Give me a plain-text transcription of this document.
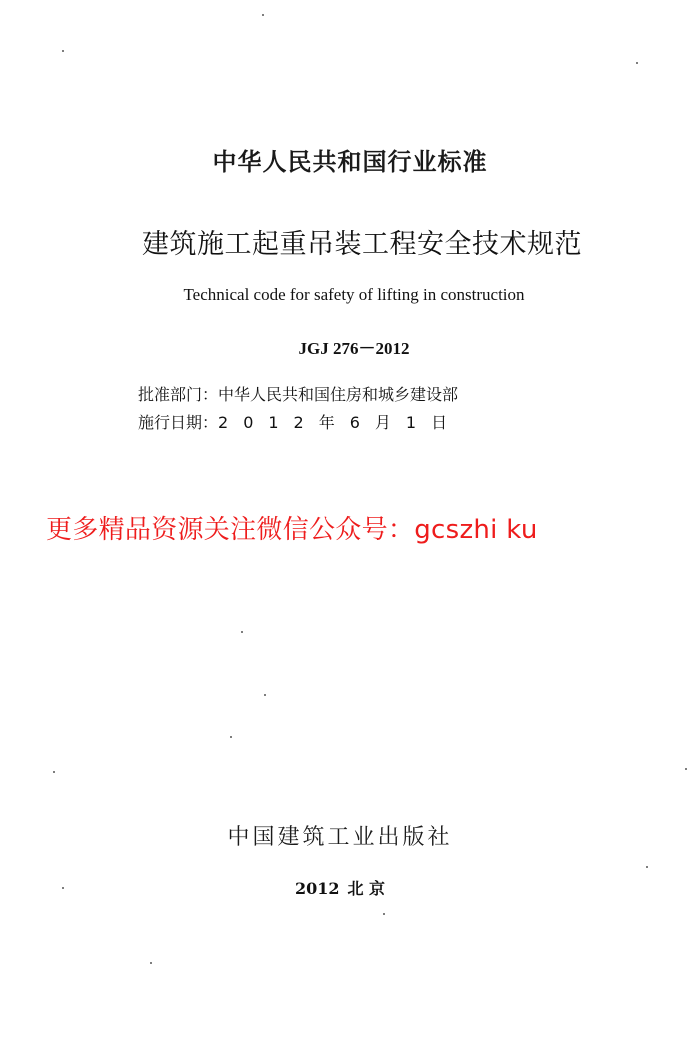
中华人民共和国行业标准
建筑施工起重吊装工程安全技术规范
Technical code for safety of lifting in construction
JGJ 276－2012
批准部门：中华人民共和国住房和城乡建设部
施行日期：2012年6月1日
更多精品资源关注微信公众号：gcszhi ku
中国建筑工业出版社
2012 北 京
